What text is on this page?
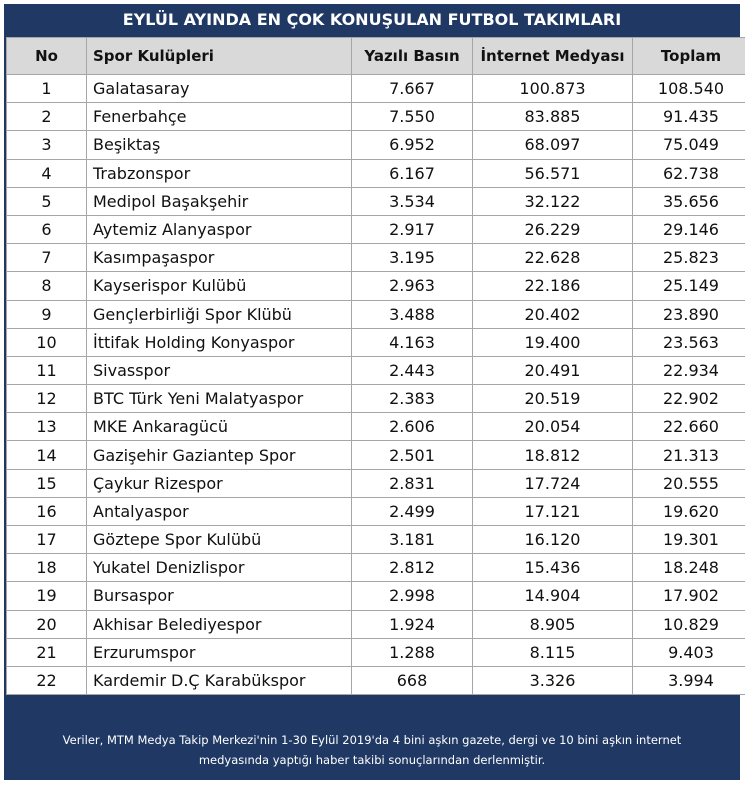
EYLÜL AYINDA EN ÇOK KONUŞULAN FUTBOL TAKIMLARI
No	Spor Kulüpleri	Yazılı Basın	İnternet Medyası	Toplam
1	Galatasaray	7.667	100.873	108.540
2	Fenerbahçe	7.550	83.885	91.435
3	Beşiktaş	6.952	68.097	75.049
4	Trabzonspor	6.167	56.571	62.738
5	Medipol Başakşehir	3.534	32.122	35.656
6	Aytemiz Alanyaspor	2.917	26.229	29.146
7	Kasımpaşaspor	3.195	22.628	25.823
8	Kayserispor Kulübü	2.963	22.186	25.149
9	Gençlerbirliği Spor Klübü	3.488	20.402	23.890
10	İttifak Holding Konyaspor	4.163	19.400	23.563
11	Sivasspor	2.443	20.491	22.934
12	BTC Türk Yeni Malatyaspor	2.383	20.519	22.902
13	MKE Ankaragücü	2.606	20.054	22.660
14	Gazişehir Gaziantep Spor	2.501	18.812	21.313
15	Çaykur Rizespor	2.831	17.724	20.555
16	Antalyaspor	2.499	17.121	19.620
17	Göztepe Spor Kulübü	3.181	16.120	19.301
18	Yukatel Denizlispor	2.812	15.436	18.248
19	Bursaspor	2.998	14.904	17.902
20	Akhisar Belediyespor	1.924	8.905	10.829
21	Erzurumspor	1.288	8.115	9.403
22	Kardemir D.Ç Karabükspor	668	3.326	3.994
Veriler, MTM Medya Takip Merkezi'nin 1-30 Eylül 2019'da 4 bini aşkın gazete, dergi ve 10 bini aşkın internet
medyasında yaptığı haber takibi sonuçlarından derlenmiştir.
